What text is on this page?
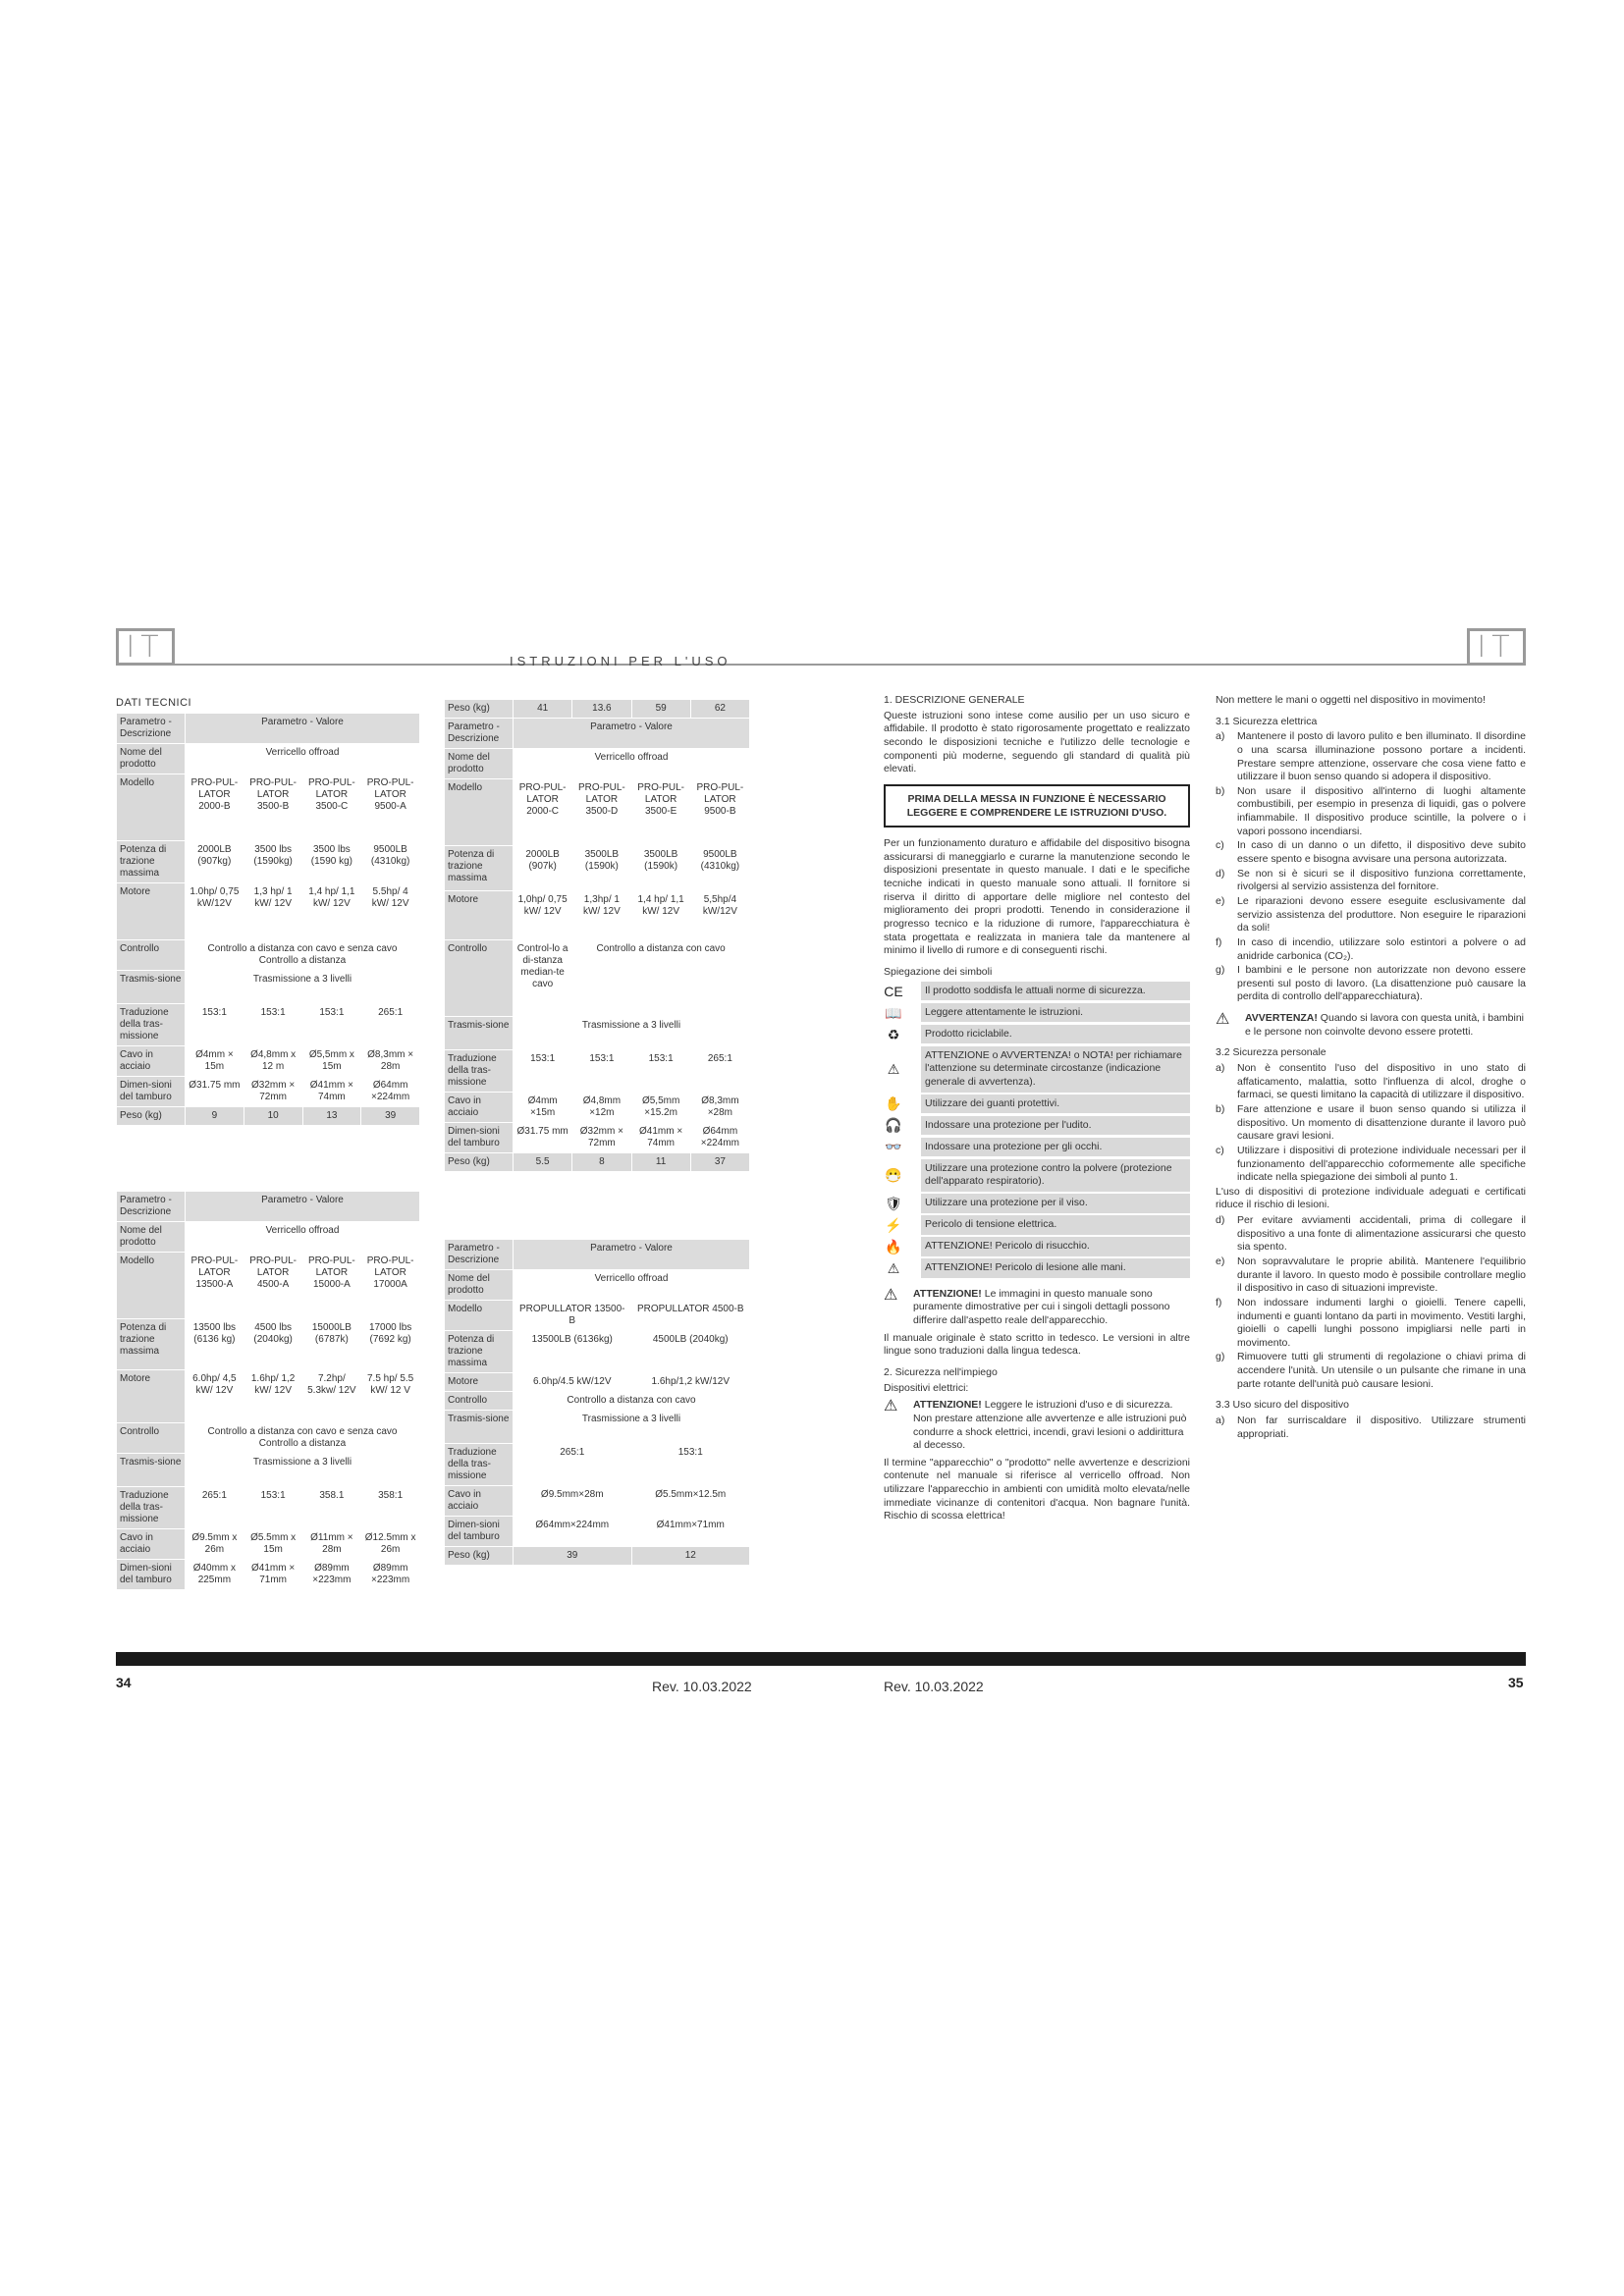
IT	IT
ISTRUZIONI PER L'USO
DATI TECNICI
Parametro - Descrizione	Parametro - Valore			
Nome del prodotto	Verricello offroad			
Modello	PRO-PUL-LATOR 2000-B	PRO-PUL-LATOR 3500-B	PRO-PUL-LATOR 3500-C	PRO-PUL-LATOR 9500-A
Potenza di trazione massima	2000LB (907kg)	3500 lbs (1590kg)	3500 lbs (1590 kg)	9500LB (4310kg)
Motore	1.0hp/ 0,75 kW/12V	1,3 hp/ 1 kW/ 12V	1,4 hp/ 1,1 kW/ 12V	5.5hp/ 4 kW/ 12V
Controllo	Controllo a distanza con cavo e senza cavo Controllo a distanza			
Trasmis-sione	Trasmissione a 3 livelli			
Traduzione della tras-missione	153:1	153:1	153:1	265:1
Cavo in acciaio	Ø4mm × 15m	Ø4,8mm x 12 m	Ø5,5mm x 15m	Ø8,3mm × 28m
Dimen-sioni del tamburo	Ø31.75 mm	Ø32mm × 72mm	Ø41mm × 74mm	Ø64mm ×224mm
Peso (kg)	9	10	13	39
Parametro - Descrizione	Parametro - Valore			
Nome del prodotto	Verricello offroad			
Modello	PRO-PUL-LATOR 13500-A	PRO-PUL-LATOR 4500-A	PRO-PUL-LATOR 15000-A	PRO-PUL-LATOR 17000A
Potenza di trazione massima	13500 lbs (6136 kg)	4500 lbs (2040kg)	15000LB (6787k)	17000 lbs (7692 kg)
Motore	6.0hp/ 4,5 kW/ 12V	1.6hp/ 1,2 kW/ 12V	7.2hp/ 5.3kw/ 12V	7.5 hp/ 5.5 kW/ 12 V
Controllo	Controllo a distanza con cavo e senza cavo Controllo a distanza			
Trasmis-sione	Trasmissione a 3 livelli			
Traduzione della tras-missione	265:1	153:1	358.1	358:1
Cavo in acciaio	Ø9.5mm x 26m	Ø5.5mm x 15m	Ø11mm × 28m	Ø12.5mm x 26m
Dimen-sioni del tamburo	Ø40mm x 225mm	Ø41mm × 71mm	Ø89mm ×223mm	Ø89mm ×223mm
Peso (kg)	41	13.6	59	62
Parametro - Descrizione	Parametro - Valore			
Nome del prodotto	Verricello offroad			
Modello	PRO-PUL-LATOR 2000-C	PRO-PUL-LATOR 3500-D	PRO-PUL-LATOR 3500-E	PRO-PUL-LATOR 9500-B
Potenza di trazione massima	2000LB (907k)	3500LB (1590k)	3500LB (1590k)	9500LB (4310kg)
Motore	1,0hp/ 0,75 kW/ 12V	1,3hp/ 1 kW/ 12V	1,4 hp/ 1,1 kW/ 12V	5,5hp/4 kW/12V
Controllo	Control-lo a di-stanza median-te cavo	Controllo a distanza con cavo		
Trasmis-sione	Trasmissione a 3 livelli			
Traduzione della tras-missione	153:1	153:1	153:1	265:1
Cavo in acciaio	Ø4mm ×15m	Ø4,8mm ×12m	Ø5,5mm ×15.2m	Ø8,3mm ×28m
Dimen-sioni del tamburo	Ø31.75 mm	Ø32mm × 72mm	Ø41mm × 74mm	Ø64mm ×224mm
Peso (kg)	5.5	8	11	37
Parametro - Descrizione	Parametro - Valore	
Nome del prodotto	Verricello offroad	
Modello	PROPULLATOR 13500-B	PROPULLATOR 4500-B
Potenza di trazione massima	13500LB (6136kg)	4500LB (2040kg)
Motore	6.0hp/4.5 kW/12V	1.6hp/1,2 kW/12V
Controllo	Controllo a distanza con cavo	
Trasmis-sione	Trasmissione a 3 livelli	
Traduzione della tras-missione	265:1	153:1
Cavo in acciaio	Ø9.5mm×28m	Ø5.5mm×12.5m
Dimen-sioni del tamburo	Ø64mm×224mm	Ø41mm×71mm
Peso (kg)	39	12
1. DESCRIZIONE GENERALE

Queste istruzioni sono intese come ausilio per un uso sicuro e affidabile. Il prodotto è stato rigorosamente progettato e realizzato secondo le disposizioni tecniche e l'utilizzo delle tecnologie e componenti più moderne, seguendo gli standard di qualità più elevati.

PRIMA DELLA MESSA IN FUNZIONE È NECESSARIO LEGGERE E COMPRENDERE LE ISTRUZIONI D'USO.

Per un funzionamento duraturo e affidabile del dispositivo bisogna assicurarsi di maneggiarlo e curarne la manutenzione secondo le disposizioni presentate in questo manuale. I dati e le specifiche tecniche indicati in questo manuale sono attuali. Il fornitore si riserva il diritto di apportare delle migliore nel contesto del miglioramento dei propri prodotti. Tenendo in considerazione il progresso tecnico e la riduzione di rumore, l'apparecchiatura è stata progettata e realizzata in maniera tale da mantenere al minimo il livello di rumore e di conseguenti rischi.

Spiegazione dei simboli
CE	Il prodotto soddisfa le attuali norme di sicurezza.
📖	Leggere attentamente le istruzioni.
♻	Prodotto riciclabile.
⚠
ATTENZIONE o AVVERTENZA! o NOTA! per richiamare l'attenzione su determinate circostanze (indicazione generale di avvertenza).
✋	Utilizzare dei guanti protettivi.
🎧	Indossare una protezione per l'udito.
👓	Indossare una protezione per gli occhi.
😷	Utilizzare una protezione contro la polvere (protezione dell'apparato respiratorio).
🛡	Utilizzare una protezione per il viso.
⚡	Pericolo di tensione elettrica.
🔥	ATTENZIONE! Pericolo di risucchio.
⚠	ATTENZIONE! Pericolo di lesione alle mani.
⚠	ATTENZIONE! Le immagini in questo manuale sono puramente dimostrative per cui i singoli dettagli possono differire dall'aspetto reale dell'apparecchio.

Il manuale originale è stato scritto in tedesco. Le versioni in altre lingue sono traduzioni dalla lingua tedesca.

2. Sicurezza nell'impiego

Dispositivi elettrici:

⚠	ATTENZIONE! Leggere le istruzioni d'uso e di sicurezza. Non prestare attenzione alle avvertenze e alle istruzioni può condurre a shock elettrici, incendi, gravi lesioni o addirittura al decesso.

Il termine "apparecchio" o "prodotto" nelle avvertenze e descrizioni contenute nel manuale si riferisce al verricello offroad. Non utilizzare l'apparecchio in ambienti con umidità molto elevata/nelle immediate vicinanze di contenitori d'acqua. Non bagnare l'unità. Rischio di scossa elettrica!

Non mettere le mani o oggetti nel dispositivo in movimento!

3.1 Sicurezza elettrica
a)	Mantenere il posto di lavoro pulito e ben illuminato. Il disordine o una scarsa illuminazione possono portare a incidenti. Prestare sempre attenzione, osservare che cosa viene fatto e utilizzare il buon senso quando si adopera il dispositivo.
b)	Non usare il dispositivo all'interno di luoghi altamente combustibili, per esempio in presenza di liquidi, gas o polvere infiammabile. Il dispositivo produce scintille, la polvere o i vapori possono incendiarsi.
c)	In caso di un danno o un difetto, il dispositivo deve subito essere spento e bisogna avvisare una persona autorizzata.
d)	Se non si è sicuri se il dispositivo funziona correttamente, rivolgersi al servizio assistenza del fornitore.
e)	Le riparazioni devono essere eseguite esclusivamente dal servizio assistenza del produttore. Non eseguire le riparazioni da soli!
f)	In caso di incendio, utilizzare solo estintori a polvere o ad anidride carbonica (CO₂).
g)	I bambini e le persone non autorizzate non devono essere presenti sul posto di lavoro. (La disattenzione può causare la perdita di controllo dell'apparecchiatura).
⚠	AVVERTENZA! Quando si lavora con questa unità, i bambini e le persone non coinvolte devono essere protetti.
3.2 Sicurezza personale
a)	Non è consentito l'uso del dispositivo in uno stato di affaticamento, malattia, sotto l'influenza di alcol, droghe o farmaci, se questi limitano la capacità di utilizzare il dispositivo.
b)	Fare attenzione e usare il buon senso quando si utilizza il dispositivo. Un momento di disattenzione durante il lavoro può causare gravi lesioni.
c)	Utilizzare i dispositivi di protezione individuale necessari per il funzionamento dell'apparecchio coformemente alle specifiche indicate nella spiegazione dei simboli al punto 1.

L'uso di dispositivi di protezione individuale adeguati e certificati riduce il rischio di lesioni.

d)	Per evitare avviamenti accidentali, prima di collegare il dispositivo a una fonte di alimentazione assicurarsi che questo sia spento.
e)	Non sopravvalutare le proprie abilità. Mantenere l'equilibrio durante il lavoro. In questo modo è possibile controllare meglio il dispositivo in caso di situazioni impreviste.
f)	Non indossare indumenti larghi o gioielli. Tenere capelli, indumenti e guanti lontano da parti in movimento. Vestiti larghi, gioielli o capelli lunghi possono impigliarsi nelle parti in movimento.
g)	Rimuovere tutti gli strumenti di regolazione o chiavi prima di accendere l'unità. Un utensile o un pulsante che rimane in una parte rotante dell'unità può causare lesioni.
3.3 Uso sicuro del dispositivo
a)	Non far surriscaldare il dispositivo. Utilizzare strumenti appropriati.
34	Rev. 10.03.2022	Rev. 10.03.2022	35
